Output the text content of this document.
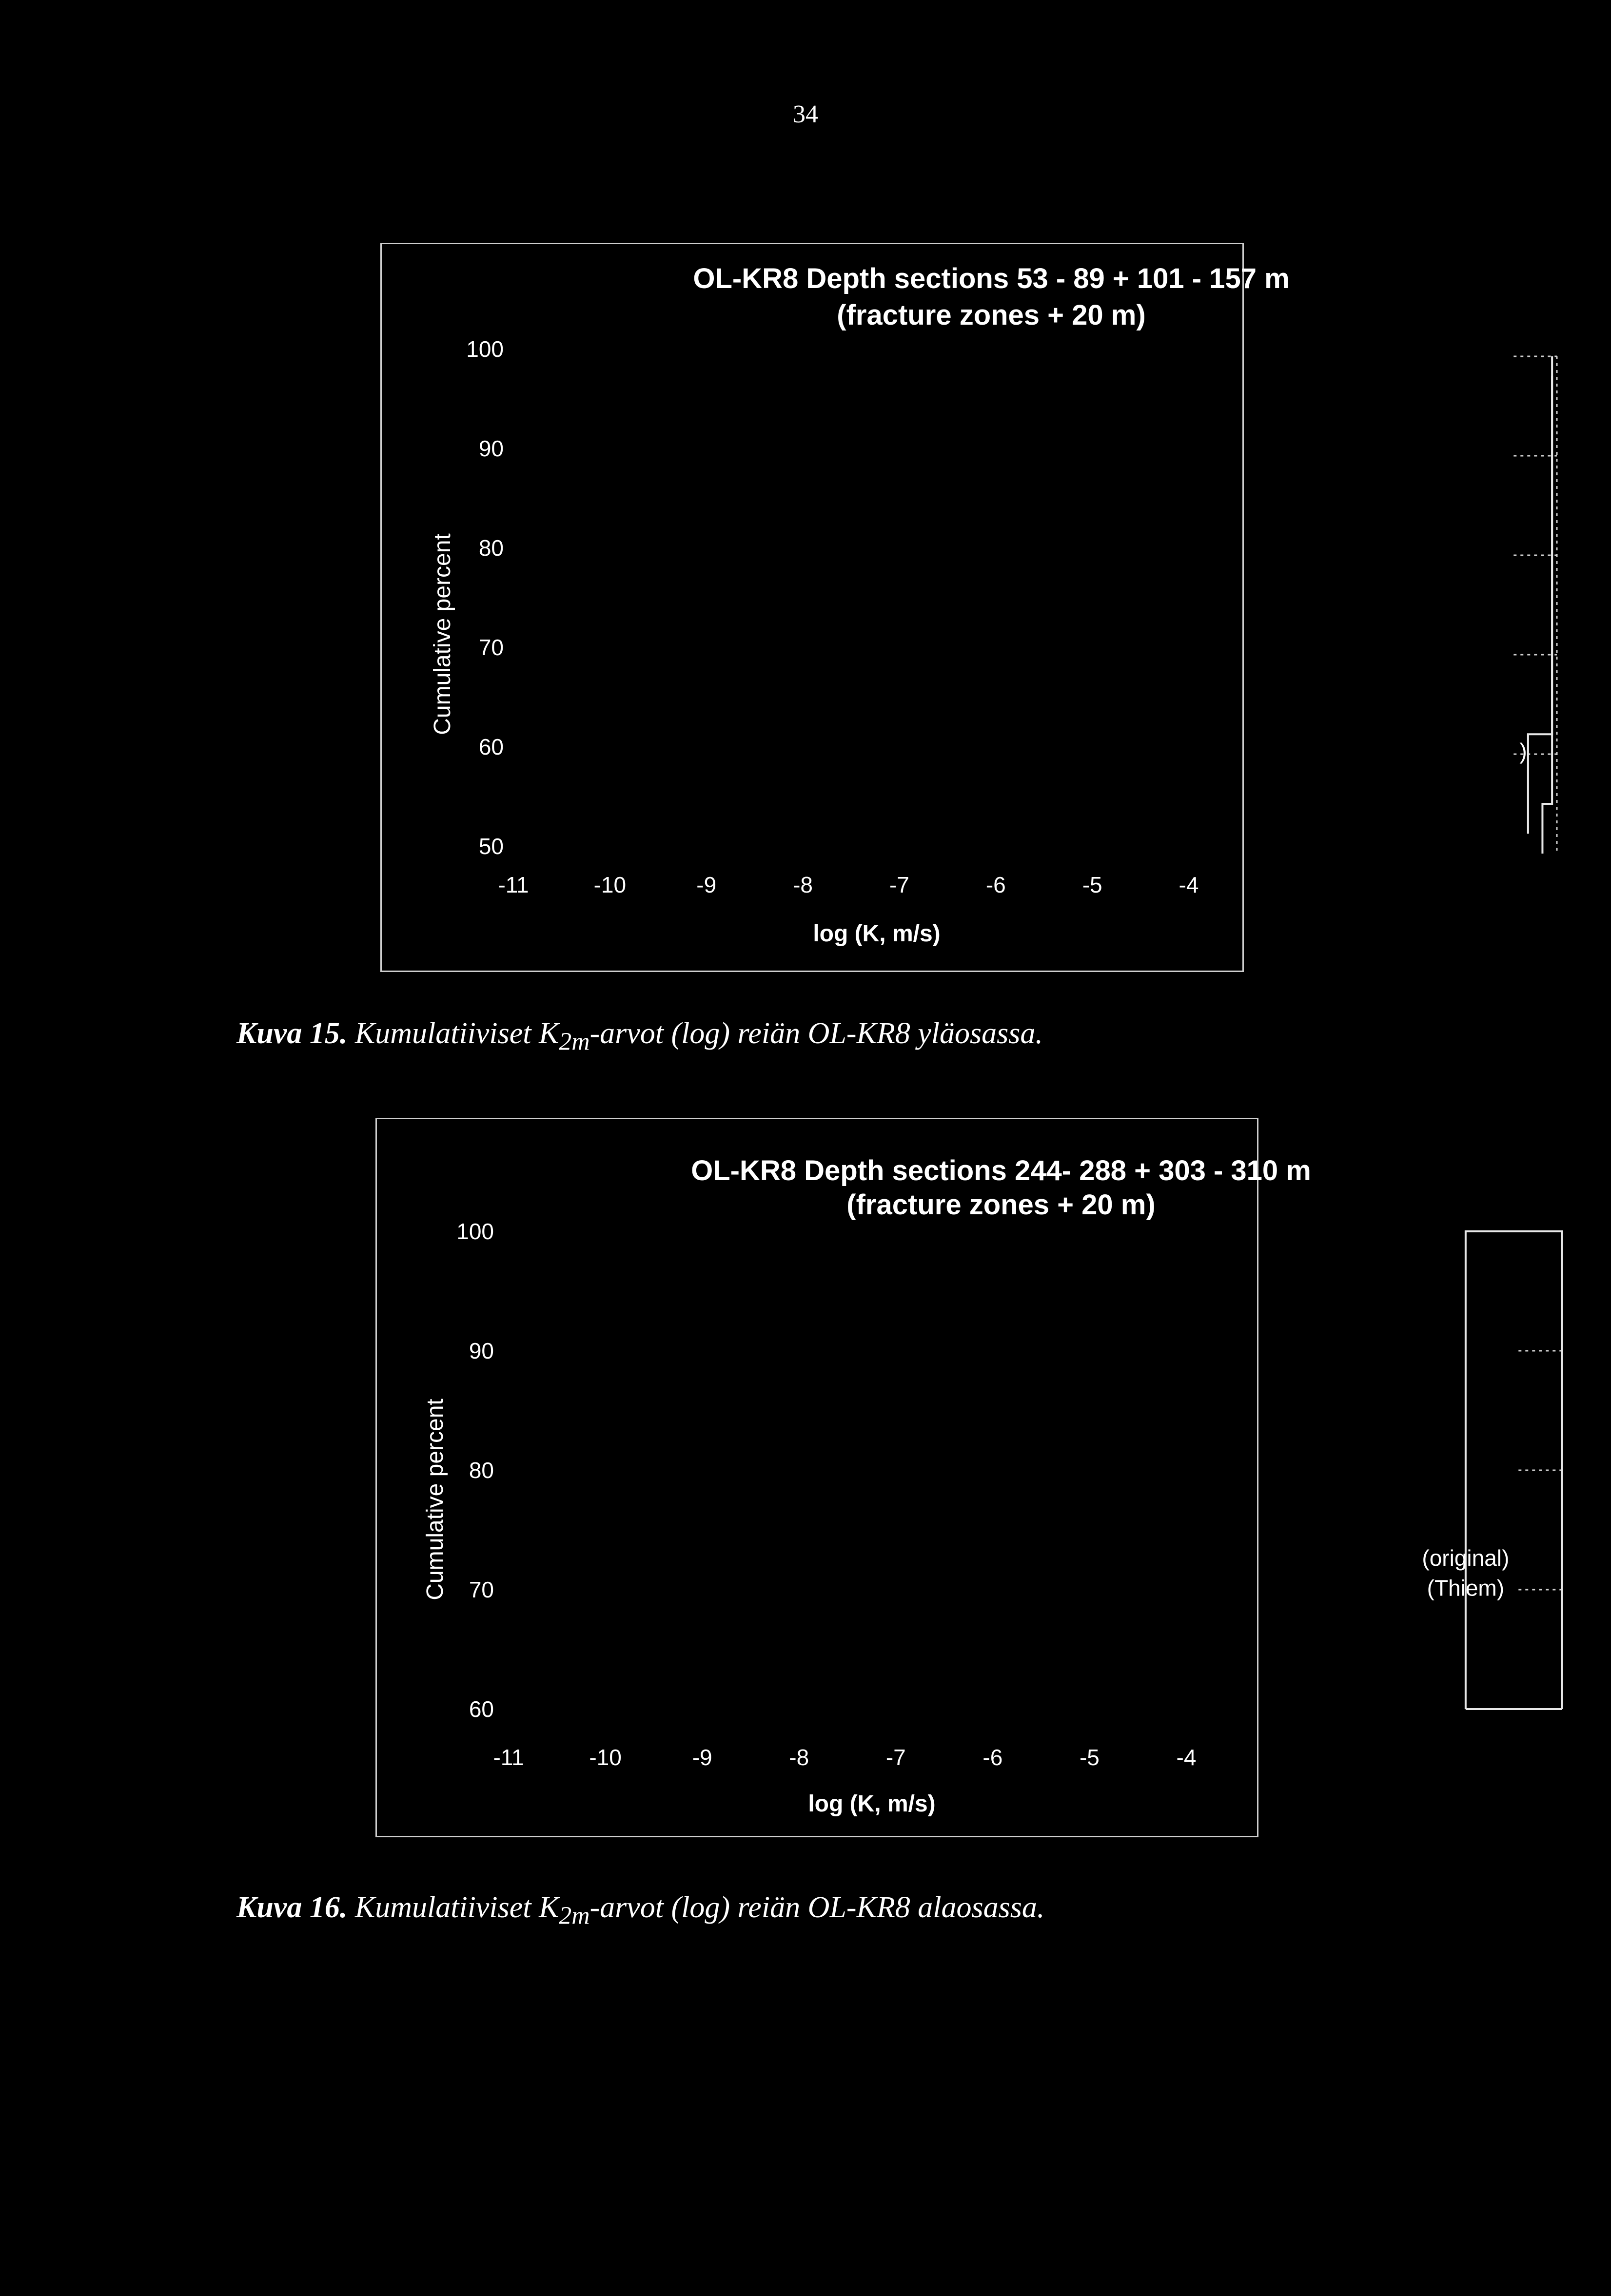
34
OL-KR8 Depth sections 53 - 89 + 101 - 157 m
(fracture zones + 20 m)
Cumulative percent
100
90
80
70
60
50
-11	-10	-9	-8	-7	-6	-5	-4
log (K, m/s)
)
Kuva 15. Kumulatiiviset $K_{2m}$-arvot (log) reiän OL-KR8 yläosassa.
OL-KR8 Depth sections 244- 288 + 303 - 310 m
(fracture zones + 20 m)
Cumulative percent
100
90
80
70
60
-11	-10	-9	-8	-7	-6	-5	-4
log (K, m/s)
(original)
(Thiem)
Kuva 16. Kumulatiiviset $K_{2m}$-arvot (log) reiän OL-KR8 alaosassa.
